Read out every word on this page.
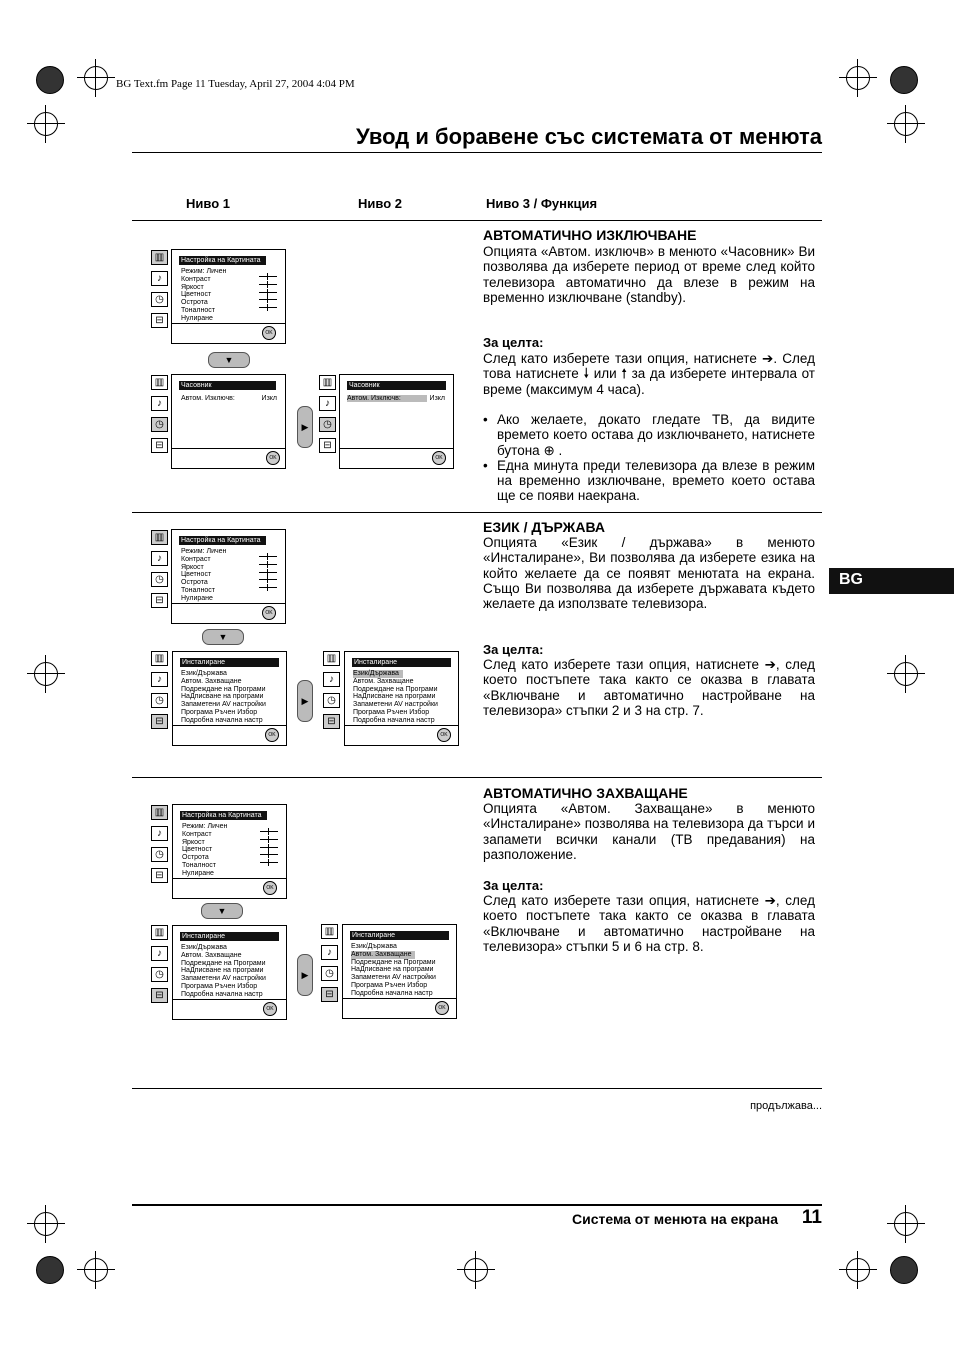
BG Text.fm Page 11 Tuesday, April 27, 2004 4:04 PM
Увод и боравене със системата от менюта
Ниво 1	Ниво 2	Ниво 3 / Функция
▥
♪
◷
⊟
Настройка на Картината
Режим: Личен
Контраст
Яркост
Цветност
Острота
Тоналност
Нулиране
OK
▼
▥
♪
◷
⊟
Часовник
Автом. Изключв:	Изкл
OK
▶
▥
♪
◷
⊟
Часовник
Автом. Изключв:	Изкл
OK
АВТОМАТИЧНО ИЗКЛЮЧВАНЕ
Опцията «Автом. изключв» в менюто «Часовник» Ви позволява да изберете период от време след който телевизора автоматично да влезе в режим на временно изключване (standby).
За целта:
След като изберете тази опция, натиснете ➔. След това натиснете 🠗 или 🠕 за да изберете интервала от време (максимум 4 часа).
• Ако желаете, докато гледате ТВ, да видите времето което остава до изключването, натиснете бутона ⊕ .
• Една минута преди телевизора да влезе в режим на временно изключване, времето което остава ще се появи наекрана.
▥
♪
◷
⊟
Настройка на Картината
Режим: Личен
Контраст
Яркост
Цветност
Острота
Тоналност
Нулиране
OK
▼
▥
♪
◷
⊟
Инсталиране
Език/Държава
Автом. Захващане
Подреждане на Програми
НаДписване на програми
Запаметени AV настройки
Програма Ръчен Избор
Подробна начална настр
OK
▶
▥
♪
◷
⊟
Инсталиране
Език/Държава
Автом. Захващане
Подреждане на Програми
НаДписване на програми
Запаметени AV настройки
Програма Ръчен Избор
Подробна начална настр
OK
ЕЗИК / ДЪРЖАВА
Опцията «Език / държава» в менюто «Инсталиране», Ви позволява да изберете езика на който желаете да се появят менютата на екрана. Също Ви позволява да изберете държавата където желаете да използвате телевизора.
За целта:
След като изберете тази опция, натиснете ➔, след което постъпете така както се оказва в главата «Включване и автоматично настройване на телевизора» стъпки 2 и 3 на стр. 7.
BG
▥
♪
◷
⊟
Настройка на Картината
Режим: Личен
Контраст
Яркост
Цветност
Острота
Тоналност
Нулиране
OK
▼
▥
♪
◷
⊟
Инсталиране
Език/Държава
Автом. Захващане
Подреждане на Програми
НаДписване на програми
Запаметени AV настройки
Програма Ръчен Избор
Подробна начална настр
OK
▶
▥
♪
◷
⊟
Инсталиране
Език/Държава
Автом. Захващане
Подреждане на Програми
НаДписване на програми
Запаметени AV настройки
Програма Ръчен Избор
Подробна начална настр
OK
АВТОМАТИЧНО ЗАХВАЩАНЕ
Опцията «Автом. Захващане» в менюто «Инсталиране» позволява на телевизора да търси и запамети всички канали (ТВ предавания) на разположение.
За целта:
След като изберете тази опция, натиснете ➔, след което постъпете така както се оказва в главата «Включване и автоматично настройване на телевизора» стъпки 5 и 6 на стр. 8.
продължава...
Система от менюта на екрана 11
